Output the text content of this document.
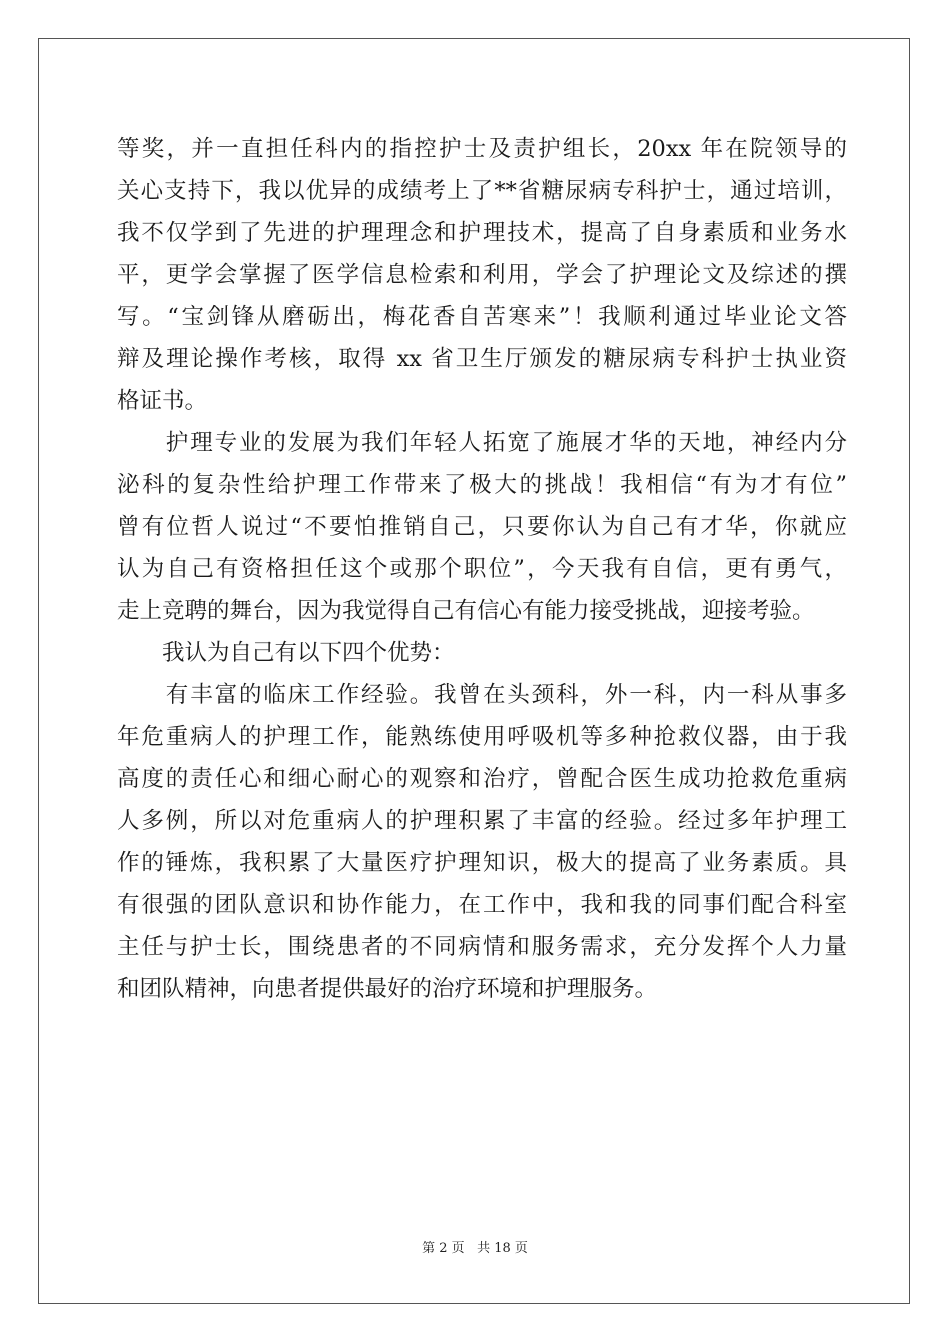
等奖，并一直担任科内的指控护士及责护组长，20xx 年在院领导的
关心支持下，我以优异的成绩考上了**省糖尿病专科护士，通过培训，
我不仅学到了先进的护理理念和护理技术，提高了自身素质和业务水
平，更学会掌握了医学信息检索和利用，学会了护理论文及综述的撰
写。“宝剑锋从磨砺出，梅花香自苦寒来”！我顺利通过毕业论文答
辩及理论操作考核，取得 xx 省卫生厅颁发的糖尿病专科护士执业资
格证书。
　　护理专业的发展为我们年轻人拓宽了施展才华的天地，神经内分
泌科的复杂性给护理工作带来了极大的挑战！我相信“有为才有位”
曾有位哲人说过“不要怕推销自己，只要你认为自己有才华，你就应
认为自己有资格担任这个或那个职位”，今天我有自信，更有勇气，
走上竞聘的舞台，因为我觉得自己有信心有能力接受挑战，迎接考验。
　　我认为自己有以下四个优势：
　　有丰富的临床工作经验。我曾在头颈科，外一科，内一科从事多
年危重病人的护理工作，能熟练使用呼吸机等多种抢救仪器，由于我
高度的责任心和细心耐心的观察和治疗，曾配合医生成功抢救危重病
人多例，所以对危重病人的护理积累了丰富的经验。经过多年护理工
作的锤炼，我积累了大量医疗护理知识，极大的提高了业务素质。具
有很强的团队意识和协作能力，在工作中，我和我的同事们配合科室
主任与护士长，围绕患者的不同病情和服务需求，充分发挥个人力量
和团队精神，向患者提供最好的治疗环境和护理服务。
第 2 页 共 18 页
